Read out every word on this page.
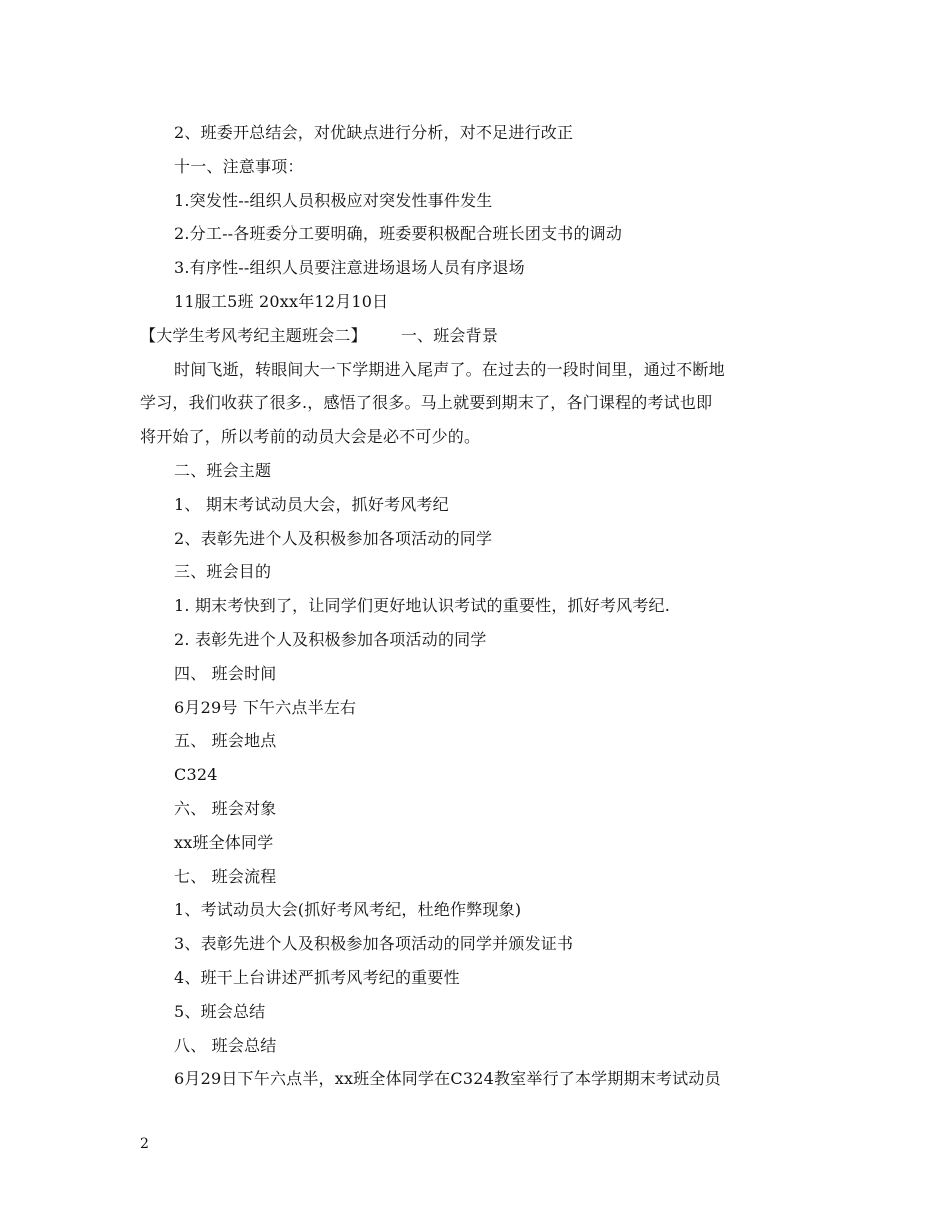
2、班委开总结会，对优缺点进行分析，对不足进行改正
十一、注意事项：
1.突发性--组织人员积极应对突发性事件发生
2.分工--各班委分工要明确，班委要积极配合班长团支书的调动
3.有序性--组织人员要注意进场退场人员有序退场
11服工5班 20xx年12月10日
【大学生考风考纪主题班会二】 一、班会背景
时间飞逝，转眼间大一下学期进入尾声了。在过去的一段时间里，通过不断地
学习，我们收获了很多.，感悟了很多。马上就要到期末了，各门课程的考试也即
将开始了，所以考前的动员大会是必不可少的。
二、班会主题
1、 期末考试动员大会，抓好考风考纪
2、表彰先进个人及积极参加各项活动的同学
三、班会目的
1. 期末考快到了，让同学们更好地认识考试的重要性，抓好考风考纪.
2. 表彰先进个人及积极参加各项活动的同学
四、 班会时间
6月29号 下午六点半左右
五、 班会地点
C324
六、 班会对象
xx班全体同学
七、 班会流程
1、考试动员大会(抓好考风考纪，杜绝作弊现象)
3、表彰先进个人及积极参加各项活动的同学并颁发证书
4、班干上台讲述严抓考风考纪的重要性
5、班会总结
八、 班会总结
6月29日下午六点半，xx班全体同学在C324教室举行了本学期期末考试动员
2
